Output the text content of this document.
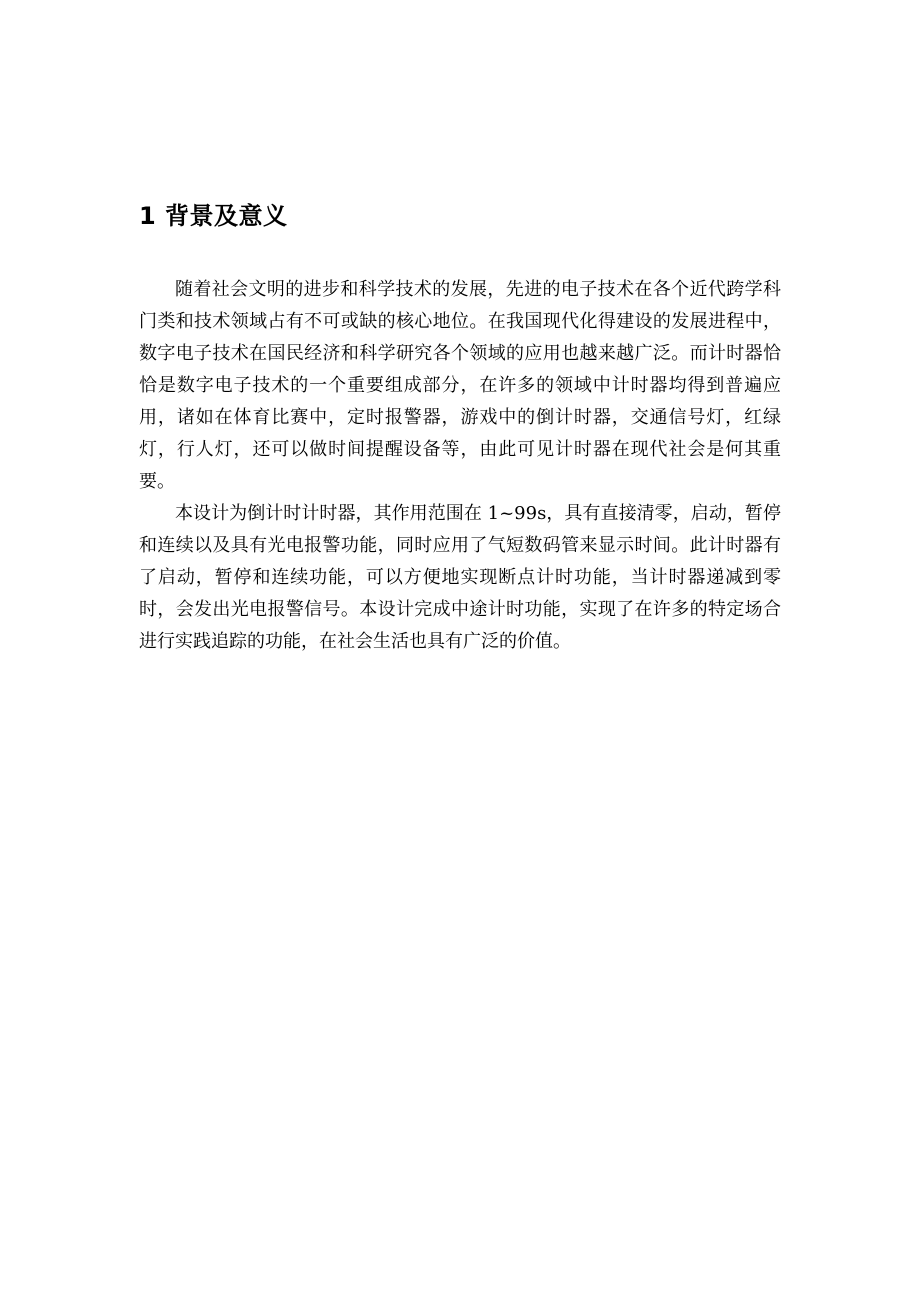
1 背景及意义

随着社会文明的进步和科学技术的发展，先进的电子技术在各个近代跨学科门类和技术领域占有不可或缺的核心地位。在我国现代化得建设的发展进程中，数字电子技术在国民经济和科学研究各个领域的应用也越来越广泛。而计时器恰恰是数字电子技术的一个重要组成部分，在许多的领域中计时器均得到普遍应用，诸如在体育比赛中，定时报警器，游戏中的倒计时器，交通信号灯，红绿灯，行人灯，还可以做时间提醒设备等，由此可见计时器在现代社会是何其重要。

本设计为倒计时计时器，其作用范围在 1~99s，具有直接清零，启动，暂停和连续以及具有光电报警功能，同时应用了气短数码管来显示时间。此计时器有了启动，暂停和连续功能，可以方便地实现断点计时功能，当计时器递减到零时，会发出光电报警信号。本设计完成中途计时功能，实现了在许多的特定场合进行实践追踪的功能，在社会生活也具有广泛的价值。
